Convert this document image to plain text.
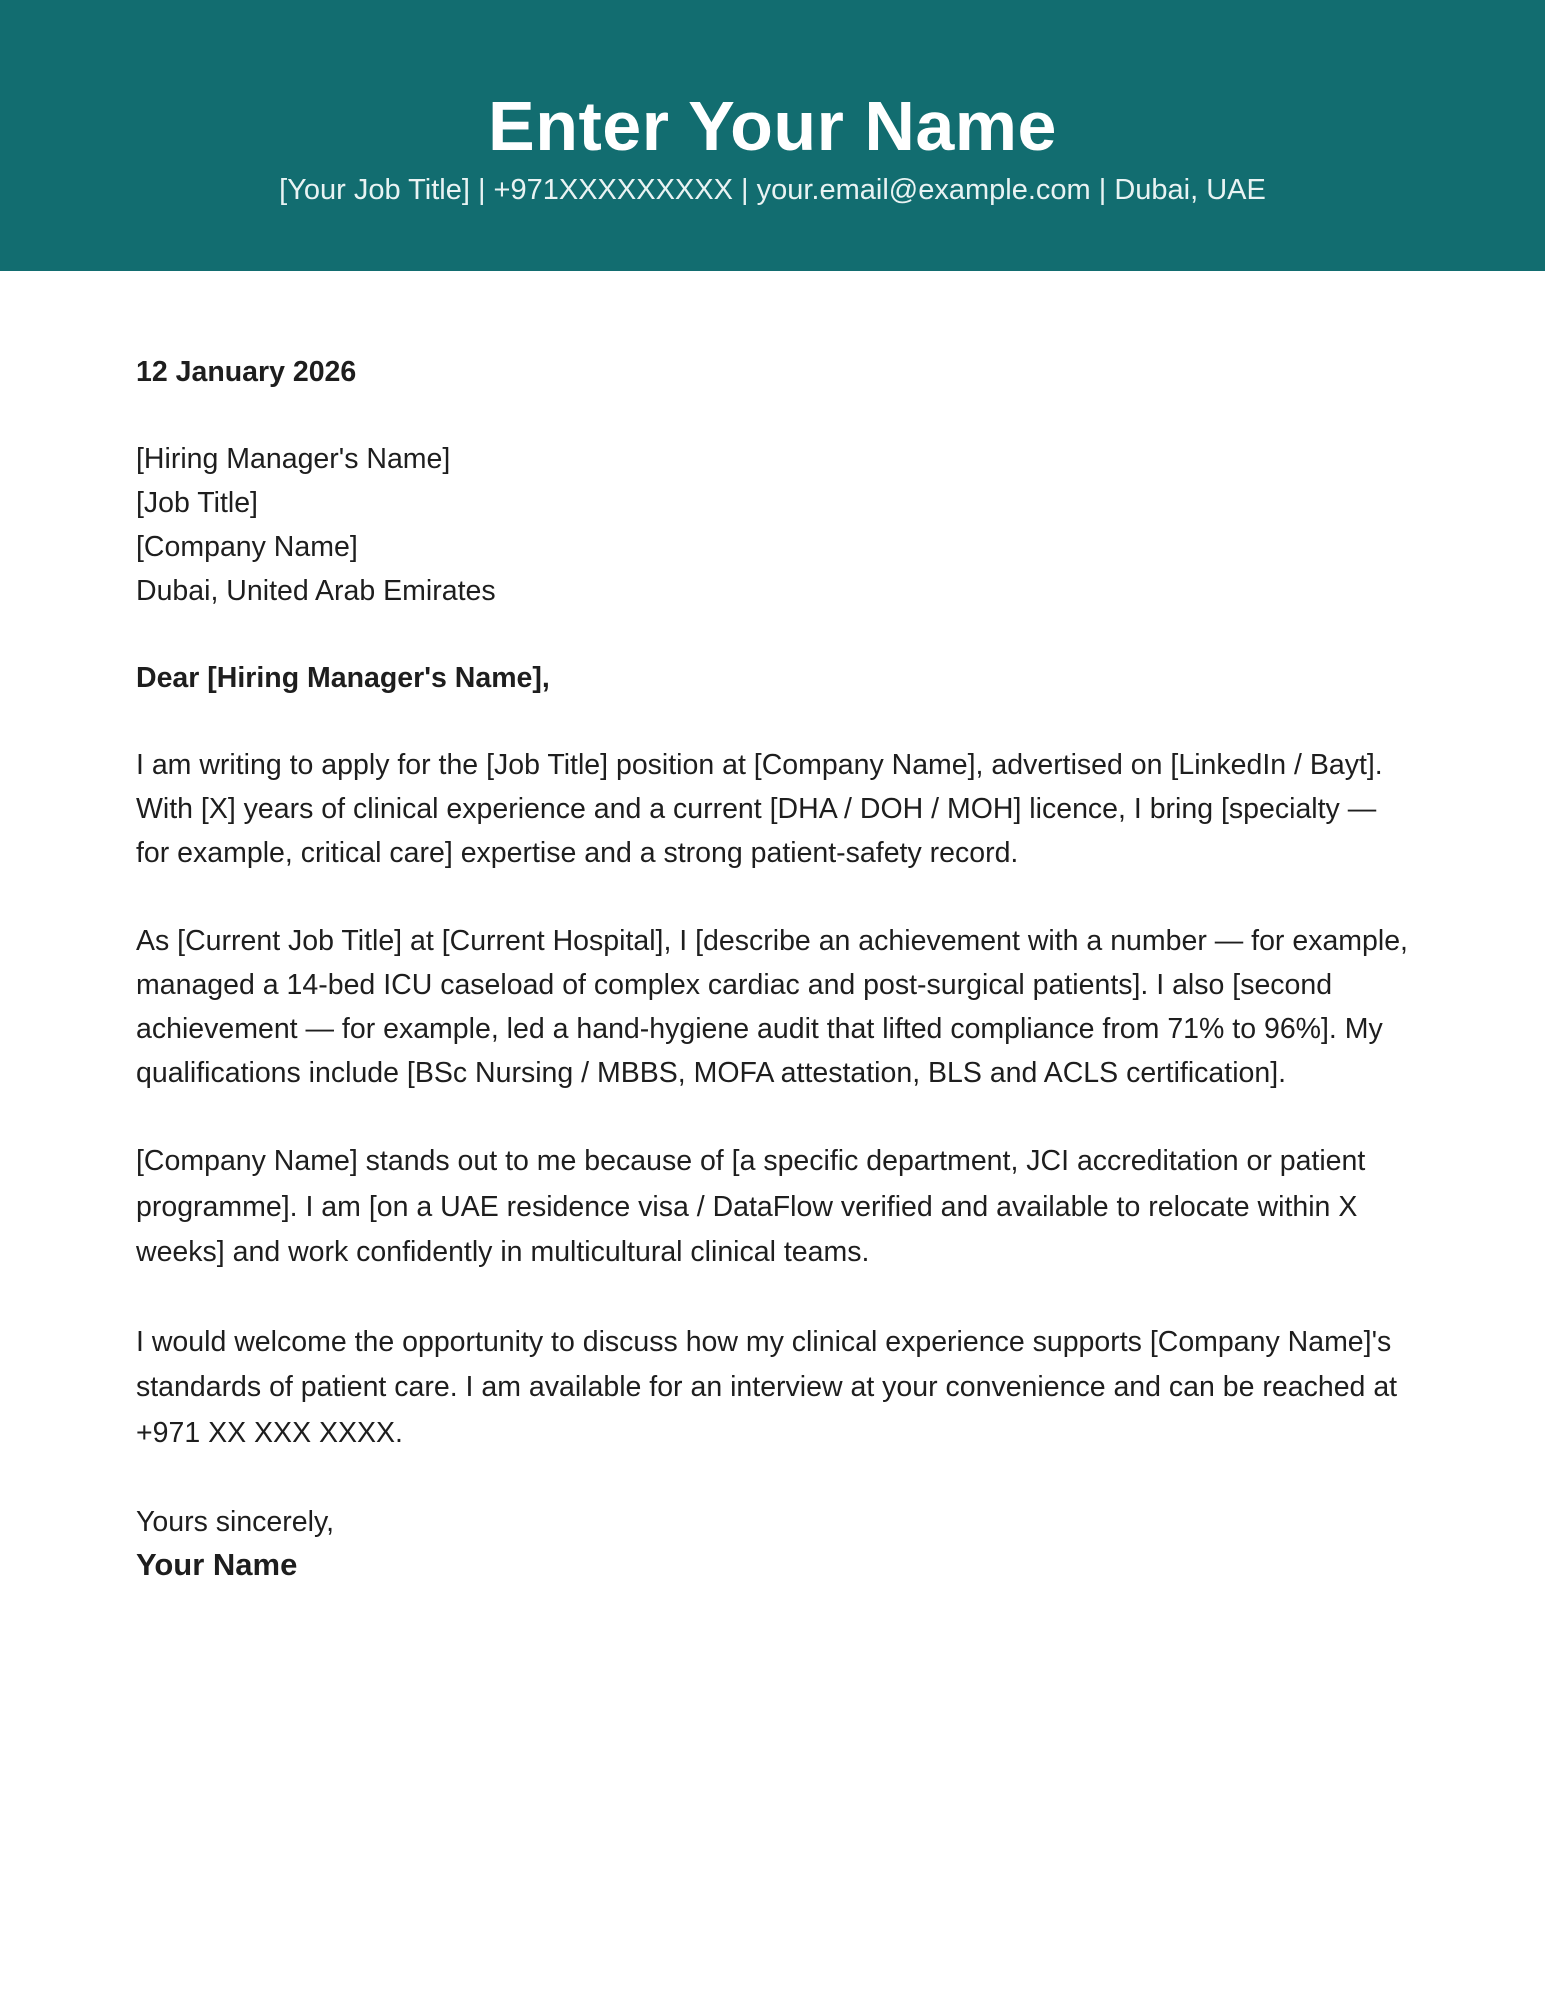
Enter Your Name
[Your Job Title] | +971XXXXXXXXX | your.email@example.com | Dubai, UAE

12 January 2026

[Hiring Manager's Name]
[Job Title]
[Company Name]
Dubai, United Arab Emirates

Dear [Hiring Manager's Name],

I am writing to apply for the [Job Title] position at [Company Name], advertised on [LinkedIn / Bayt]. With [X] years of clinical experience and a current [DHA / DOH / MOH] licence, I bring [specialty — for example, critical care] expertise and a strong patient-safety record.

As [Current Job Title] at [Current Hospital], I [describe an achievement with a number — for example, managed a 14-bed ICU caseload of complex cardiac and post-surgical patients]. I also [second achievement — for example, led a hand-hygiene audit that lifted compliance from 71% to 96%]. My qualifications include [BSc Nursing / MBBS, MOFA attestation, BLS and ACLS certification].

[Company Name] stands out to me because of [a specific department, JCI accreditation or patient programme]. I am [on a UAE residence visa / DataFlow verified and available to relocate within X weeks] and work confidently in multicultural clinical teams.

I would welcome the opportunity to discuss how my clinical experience supports [Company Name]'s standards of patient care. I am available for an interview at your convenience and can be reached at +971 XX XXX XXXX.

Yours sincerely,

Your Name
